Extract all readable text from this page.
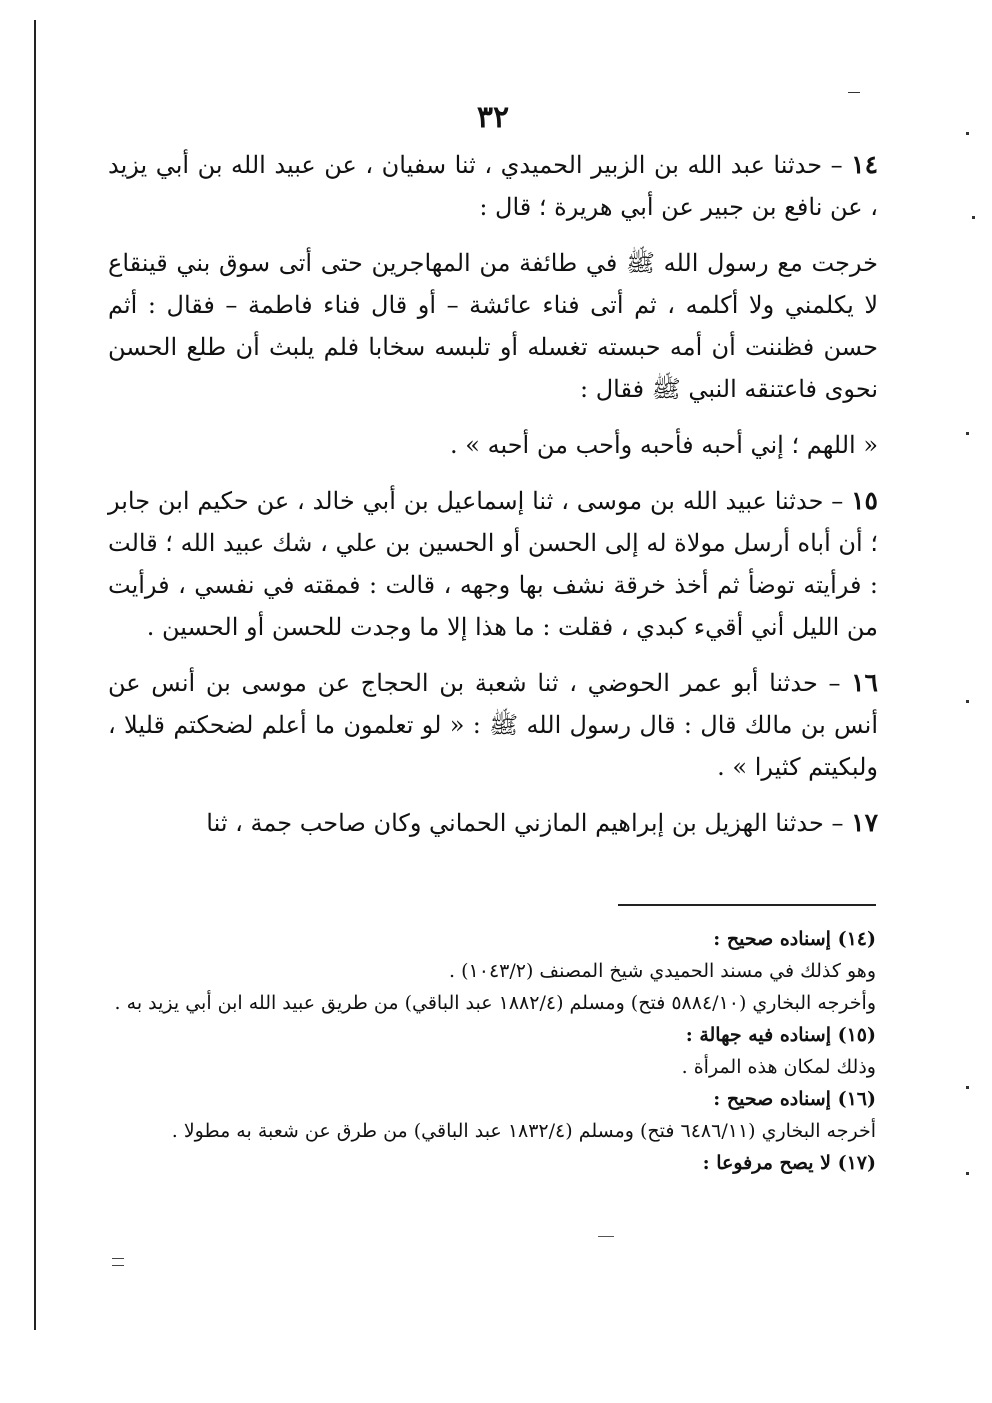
٣٢

١٤ – حدثنا عبد الله بن الزبير الحميدي ، ثنا سفيان ، عن عبيد الله بن أبي يزيد ، عن نافع بن جبير عن أبي هريرة ؛ قال :

خرجت مع رسول الله ﷺ في طائفة من المهاجرين حتى أتى سوق بني قينقاع لا يكلمني ولا أكلمه ، ثم أتى فناء عائشة – أو قال فناء فاطمة – فقال : أثم حسن فظننت أن أمه حبسته تغسله أو تلبسه سخابا فلم يلبث أن طلع الحسن نحوى فاعتنقه النبي ﷺ فقال :

« اللهم ؛ إني أحبه فأحبه وأحب من أحبه » .

١٥ – حدثنا عبيد الله بن موسى ، ثنا إسماعيل بن أبي خالد ، عن حكيم ابن جابر ؛ أن أباه أرسل مولاة له إلى الحسن أو الحسين بن علي ، شك عبيد الله ؛ قالت : فرأيته توضأ ثم أخذ خرقة نشف بها وجهه ، قالت : فمقته في نفسي ، فرأيت من الليل أني أقيء كبدي ، فقلت : ما هذا إلا ما وجدت للحسن أو الحسين .

١٦ – حدثنا أبو عمر الحوضي ، ثنا شعبة بن الحجاج عن موسى بن أنس عن أنس بن مالك قال : قال رسول الله ﷺ : « لو تعلمون ما أعلم لضحكتم قليلا ، ولبكيتم كثيرا » .

١٧ – حدثنا الهزيل بن إبراهيم المازني الحماني وكان صاحب جمة ، ثنا

(١٤) إسناده صحيح :
وهو كذلك في مسند الحميدي شيخ المصنف (١٠٤٣/٢) .
وأخرجه البخاري (٥٨٨٤/١٠ فتح) ومسلم (١٨٨٢/٤ عبد الباقي) من طريق عبيد الله ابن أبي يزيد به .
(١٥) إسناده فيه جهالة :
وذلك لمكان هذه المرأة .
(١٦) إسناده صحيح :
أخرجه البخاري (٦٤٨٦/١١ فتح) ومسلم (١٨٣٢/٤ عبد الباقي) من طرق عن شعبة به مطولا .
(١٧) لا يصح مرفوعا :
